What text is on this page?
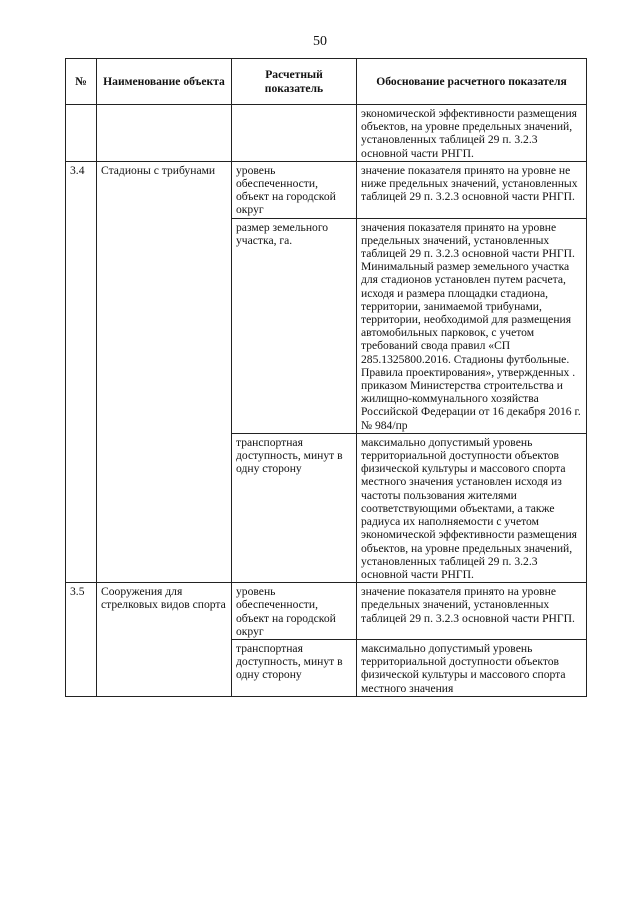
50
№	Наименование объекта	Расчетный показатель	Обоснование расчетного показателя
			экономической эффективности размещения объектов, на уровне предельных значений, установленных таблицей 29 п. 3.2.3 основной части РНГП.
3.4	Стадионы с трибунами	уровень обеспеченности, объект на городской округ	значение показателя принято на уровне не ниже предельных значений, установленных таблицей 29 п. 3.2.3 основной части РНГП.
		размер земельного участка, га.	значения показателя принято на уровне предельных значений, установленных таблицей 29 п. 3.2.3 основной части РНГП. Минимальный размер земельного участка для стадионов установлен путем расчета, исходя и размера площадки стадиона, территории, занимаемой трибунами, территории, необходимой для размещения автомобильных парковок, с учетом требований свода правил «СП 285.1325800.2016. Стадионы футбольные. Правила проектирования», утвержденных . приказом Министерства строительства и жилищно-коммунального хозяйства Российской Федерации от 16 декабря 2016 г. № 984/пр
		транспортная доступность, минут в одну сторону	максимально допустимый уровень территориальной доступности объектов физической культуры и массового спорта местного значения установлен исходя из частоты пользования жителями соответствующими объектами, а также радиуса их наполняемости с учетом экономической эффективности размещения объектов, на уровне предельных значений, установленных таблицей 29 п. 3.2.3 основной части РНГП.
3.5	Сооружения для стрелковых видов спорта	уровень обеспеченности, объект на городской округ	значение показателя принято на уровне предельных значений, установленных таблицей 29 п. 3.2.3 основной части РНГП.
		транспортная доступность, минут в одну сторону	максимально допустимый уровень территориальной доступности объектов физической культуры и массового спорта местного значения
